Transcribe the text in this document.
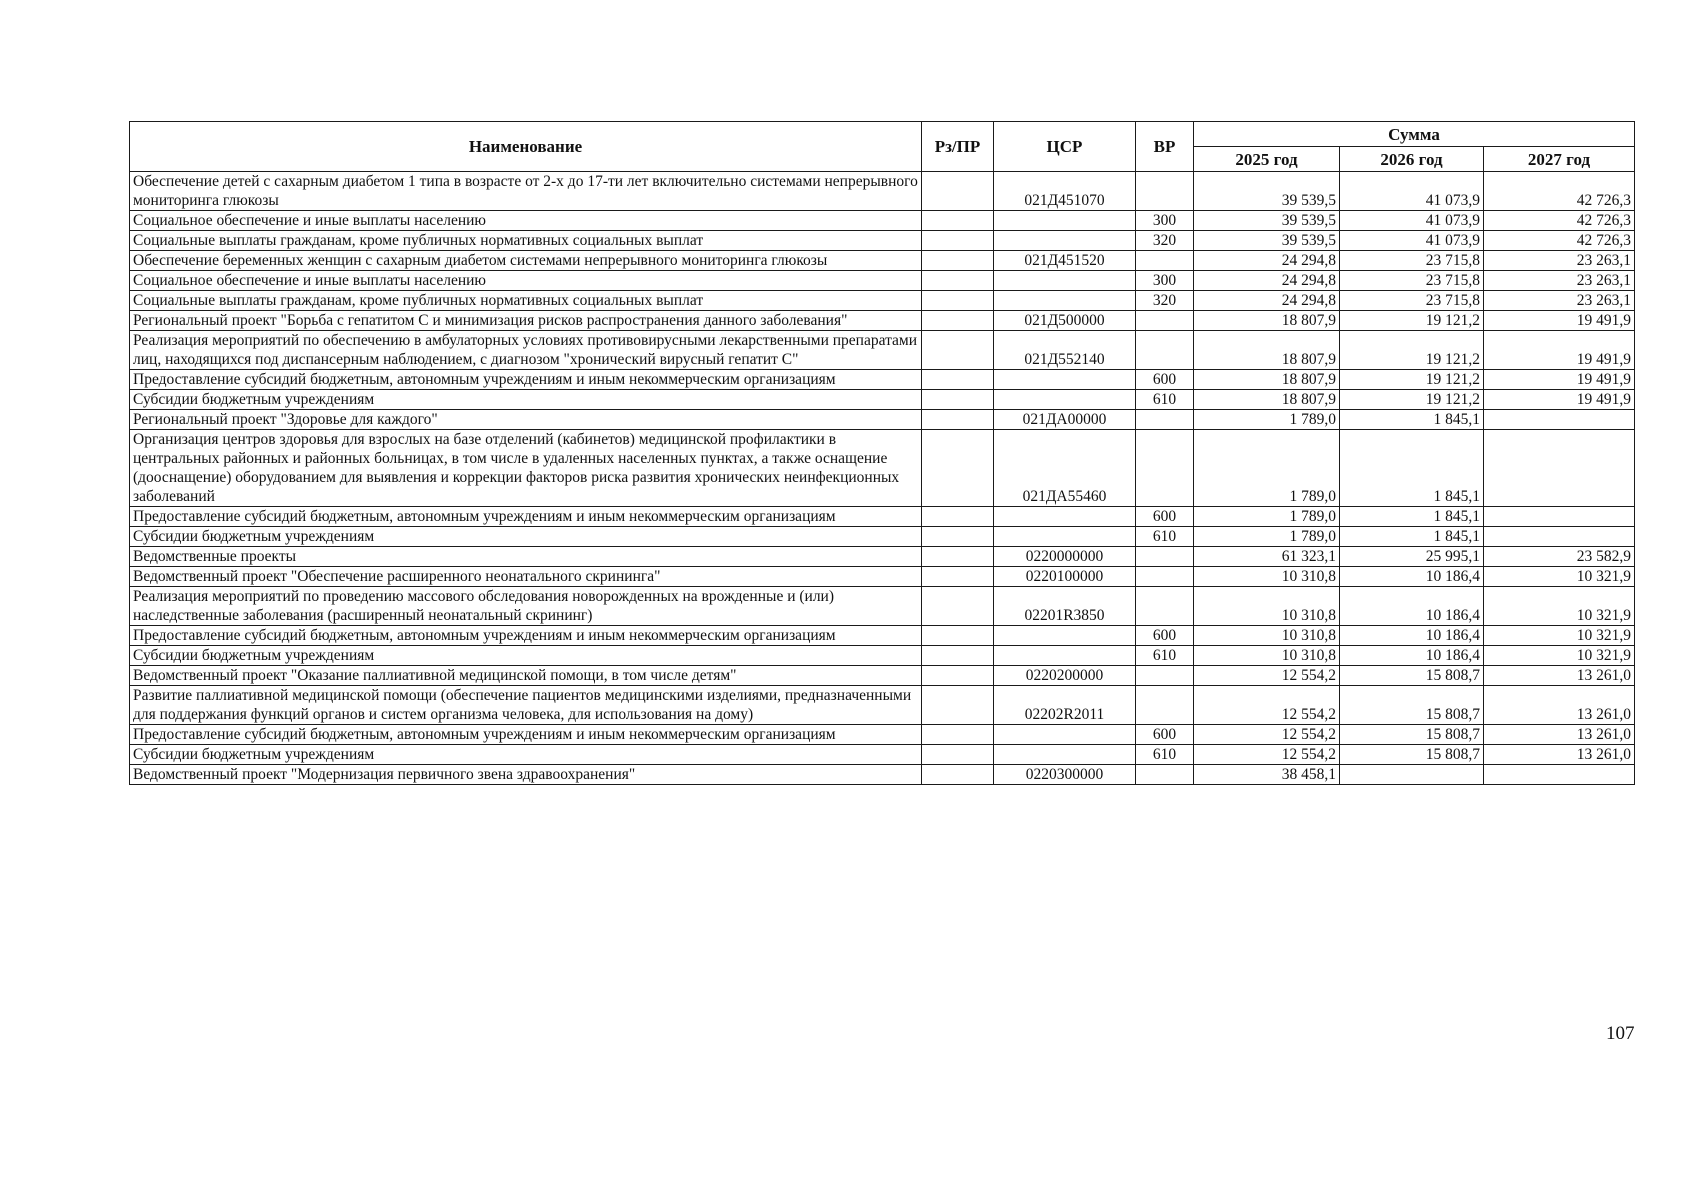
Наименование	Рз/ПР	ЦСР	ВР	Сумма		
				2025 год	2026 год	2027 год
Обеспечение детей с сахарным диабетом 1 типа в возрасте от 2-х до 17-ти лет включительно системами непрерывного мониторинга глюкозы		021Д451070		39 539,5	41 073,9	42 726,3
Социальное обеспечение и иные выплаты населению			300	39 539,5	41 073,9	42 726,3
Социальные выплаты гражданам, кроме публичных нормативных социальных выплат			320	39 539,5	41 073,9	42 726,3
Обеспечение беременных женщин с сахарным диабетом системами непрерывного мониторинга глюкозы		021Д451520		24 294,8	23 715,8	23 263,1
Социальное обеспечение и иные выплаты населению			300	24 294,8	23 715,8	23 263,1
Социальные выплаты гражданам, кроме публичных нормативных социальных выплат			320	24 294,8	23 715,8	23 263,1
Региональный проект "Борьба с гепатитом С и минимизация рисков распространения данного заболевания"		021Д500000		18 807,9	19 121,2	19 491,9
Реализация мероприятий по обеспечению в амбулаторных условиях противовирусными лекарственными препаратами лиц, находящихся под диспансерным наблюдением, с диагнозом "хронический вирусный гепатит С"		021Д552140		18 807,9	19 121,2	19 491,9
Предоставление субсидий бюджетным, автономным учреждениям и иным некоммерческим организациям			600	18 807,9	19 121,2	19 491,9
Субсидии бюджетным учреждениям			610	18 807,9	19 121,2	19 491,9
Региональный проект "Здоровье для каждого"		021ДА00000		1 789,0	1 845,1	
Организация центров здоровья для взрослых на базе отделений (кабинетов) медицинской профилактики в центральных районных и районных больницах, в том числе в удаленных населенных пунктах, а также оснащение (дооснащение) оборудованием для выявления и коррекции факторов риска развития хронических неинфекционных заболеваний		021ДА55460		1 789,0	1 845,1	
Предоставление субсидий бюджетным, автономным учреждениям и иным некоммерческим организациям			600	1 789,0	1 845,1	
Субсидии бюджетным учреждениям			610	1 789,0	1 845,1	
Ведомственные проекты		0220000000		61 323,1	25 995,1	23 582,9
Ведомственный проект "Обеспечение расширенного неонатального скрининга"		0220100000		10 310,8	10 186,4	10 321,9
Реализация мероприятий по проведению массового обследования новорожденных на врожденные и (или) наследственные заболевания (расширенный неонатальный скрининг)		02201R3850		10 310,8	10 186,4	10 321,9
Предоставление субсидий бюджетным, автономным учреждениям и иным некоммерческим организациям			600	10 310,8	10 186,4	10 321,9
Субсидии бюджетным учреждениям			610	10 310,8	10 186,4	10 321,9
Ведомственный проект "Оказание паллиативной медицинской помощи, в том числе детям"		0220200000		12 554,2	15 808,7	13 261,0
Развитие паллиативной медицинской помощи (обеспечение пациентов медицинскими изделиями, предназначенными для поддержания функций органов и систем организма человека, для использования на дому)		02202R2011		12 554,2	15 808,7	13 261,0
Предоставление субсидий бюджетным, автономным учреждениям и иным некоммерческим организациям			600	12 554,2	15 808,7	13 261,0
Субсидии бюджетным учреждениям			610	12 554,2	15 808,7	13 261,0
Ведомственный проект "Модернизация первичного звена здравоохранения"		0220300000		38 458,1		
107
